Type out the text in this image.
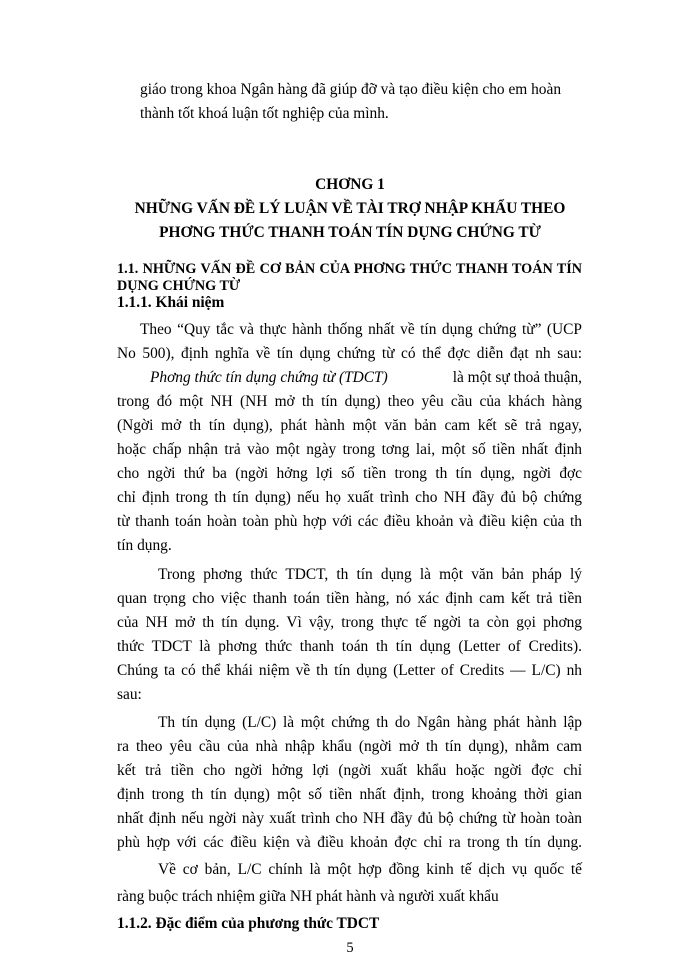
giáo trong khoa Ngân hàng đã giúp đỡ và tạo điều kiện cho em hoàn

thành tốt khoá luận tốt nghiệp của mình.

CHƠNG 1

NHỮNG VẤN ĐỀ LÝ LUẬN VỀ TÀI TRỢ NHẬP KHẨU THEO

PHƠNG THỨC THANH TOÁN TÍN DỤNG CHỨNG TỪ

1.1. NHỮNG VẤN ĐỀ CƠ BẢN CỦA PHƠNG THỨC THANH TOÁN TÍN

DỤNG CHỨNG TỪ

1.1.1. Khái niệm

Theo “Quy tắc và thực hành thống nhất về tín dụng chứng từ” (UCP

No 500), định nghĩa về tín dụng chứng từ có thể đợc diễn đạt nh sau:

Phơng thức tín dụng chứng từ (TDCT)	là một sự thoả thuận,

trong đó một NH (NH mở th tín dụng) theo yêu cầu của khách hàng

(Ngời mở th tín dụng), phát hành một văn bản cam kết sẽ trả ngay,

hoặc chấp nhận trả vào một ngày trong tơng lai, một số tiền nhất định

cho ngời thứ ba (ngời hởng lợi số tiền trong th tín dụng, ngời đợc

chỉ định trong th tín dụng) nếu họ xuất trình cho NH đầy đủ bộ chứng

từ thanh toán hoàn toàn phù hợp với các điều khoản và điều kiện của th

tín dụng.

Trong phơng thức TDCT, th tín dụng là một văn bản pháp lý

quan trọng cho việc thanh toán tiền hàng, nó xác định cam kết trả tiền

của NH mở th tín dụng. Vì vậy, trong thực tế ngời ta còn gọi phơng

thức TDCT là phơng thức thanh toán th tín dụng (Letter of Credits).

Chúng ta có thể khái niệm về th tín dụng (Letter of Credits — L/C) nh

sau:

Th tín dụng (L/C) là một chứng th do Ngân hàng phát hành lập

ra theo yêu cầu của nhà nhập khẩu (ngời mở th tín dụng), nhằm cam

kết trả tiền cho ngời hởng lợi (ngời xuất khẩu hoặc ngời đợc chỉ

định trong th tín dụng) một số tiền nhất định, trong khoảng thời gian

nhất định nếu ngời này xuất trình cho NH đầy đủ bộ chứng từ hoàn toàn

phù hợp với các điều kiện và điều khoản đợc chỉ ra trong th tín dụng.

Về cơ bản, L/C chính là một hợp đồng kinh tế dịch vụ quốc tế

ràng buộc trách nhiệm giữa NH phát hành và người xuất khẩu

1.1.2. Đặc điểm của phương thức TDCT

5
